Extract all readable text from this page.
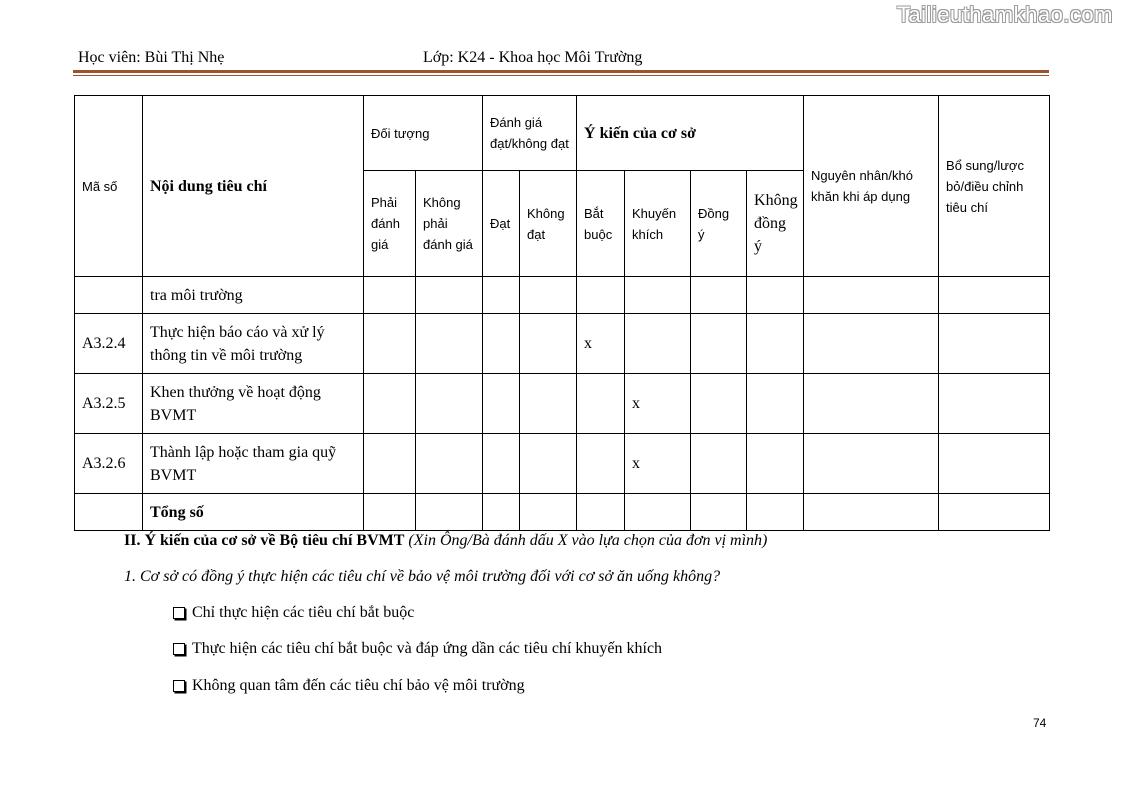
Tailieuthamkhao.com
Học viên: Bùi Thị Nhẹ	Lớp: K24 - Khoa học Môi Trường
Mã số	Nội dung tiêu chí	Đối tượng		Đánh giá đạt/không đạt		Ý kiến của cơ sở				Nguyên nhân/khó khăn khi áp dụng	Bổ sung/lược bỏ/điều chỉnh tiêu chí
		Phải đánh giá	Không phải đánh giá	Đạt	Không đạt	Bắt buộc	Khuyến khích	Đồng ý	Không đồng ý		
	tra môi trường										
A3.2.4	Thực hiện báo cáo và xử lý thông tin về môi trường					x					
A3.2.5	Khen thưởng về hoạt động BVMT						x				
A3.2.6	Thành lập hoặc tham gia quỹ BVMT						x				
	Tổng số										
II. Ý kiến của cơ sở về Bộ tiêu chí BVMT (Xin Ông/Bà đánh dấu X vào lựa chọn của đơn vị mình)
1. Cơ sở có đồng ý thực hiện các tiêu chí về bảo vệ môi trường đối với cơ sở ăn uống không?
Chỉ thực hiện các tiêu chí bắt buộc
Thực hiện các tiêu chí bắt buộc và đáp ứng dần các tiêu chí khuyến khích
Không quan tâm đến các tiêu chí bảo vệ môi trường
74
